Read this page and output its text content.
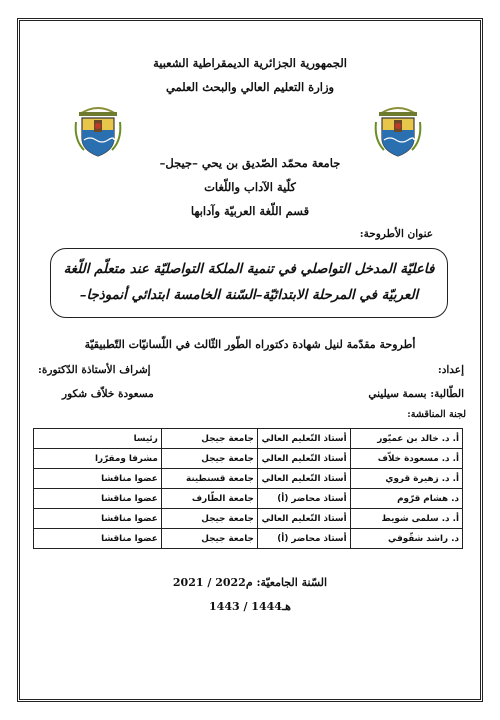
الجمهورية الجزائرية الديمقراطية الشعبية
وزارة التعليم العالي والبحث العلمي
جامعة محمّد الصّديق بن يحي –جيجل–
كلّية الآداب واللّغات
قسم اللّغة العربيّة وآدابها
عنوان الأطروحة:
فاعليّة المدخل التواصلي في تنمية الملكة التواصليّة عند متعلّم اللّغة
العربيّة في المرحلة الابتدائيّة–السّنة الخامسة ابتدائي أنموذجا–
أطروحة مقدّمة لنيل شهادة دكتوراه الطّور الثّالث في اللّسانيّات التّطبيقيّة
إعداد:
إشراف الأستاذة الدّكتورة:
الطّالبة: بسمة سيليني
مسعودة خلاّف شكور
لجنة المناقشة:
أ. د. خالد بن عميّور	أستاذ التّعليم العالي	جامعة جيجل	رئيسا
أ. د. مسعودة خلاّف	أستاذ التّعليم العالي	جامعة جيجل	مشرفا ومقرّرا
أ. د. زهيرة قروي	أستاذ التّعليم العالي	جامعة قسنطينة	عضوا مناقشا
د. هشام قرّوم	أستاذ محاضر (أ)	جامعة الطّارف	عضوا مناقشا
أ. د. سلمى شويط	أستاذ التّعليم العالي	جامعة جيجل	عضوا مناقشا
د. راشد شقّوفي	أستاذ محاضر (أ)	جامعة جيجل	عضوا مناقشا
السّنة الجامعيّة: 2021 / 2022م
1443 / 1444هـ
